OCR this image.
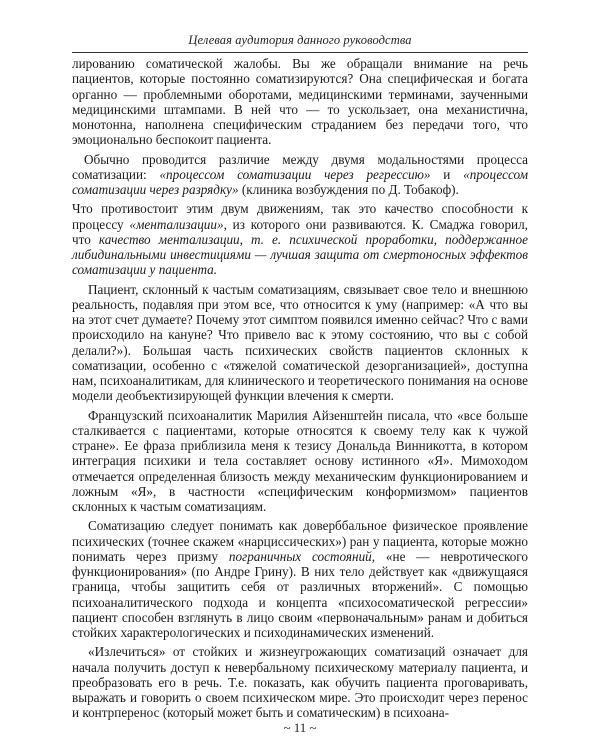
Целевая аудитория данного руководства

лированию соматической жалобы. Вы же обращали внимание на речь пациентов, которые постоянно соматизируются? Она специфическая и богата органно — проблемными оборотами, медицинскими терминами, заученными медицинскими штампами. В ней что — то ускользает, она механистична, монотонна, наполнена специфическим страданием без передачи того, что эмоционально беспокоит пациента.

Обычно проводится различие между двумя модальностями процесса соматизации: «процессом соматизации через регрессию» и «процессом соматизации через разрядку» (клиника возбуждения по Д. Тобакоф).

Что противостоит этим двум движениям, так это качество способности к процессу «ментализации», из которого они развиваются. К. Смаджа говорил, что качество ментализации, т. е. психической проработки, поддержанное либидинальными инвестициями — лучшая защита от смертоносных эффектов соматизации у пациента.

Пациент, склонный к частым соматизациям, связывает свое тело и внешнюю реальность, подавляя при этом все, что относится к уму (например: «А что вы на этот счет думаете? Почему этот симптом появился именно сейчас? Что с вами происходило на кануне? Что привело вас к этому состоянию, что вы с собой делали?»). Большая часть психических свойств пациентов склонных к соматизации, особенно с «тяжелой соматической дезорганизацией», доступна нам, психоаналитикам, для клинического и теоретического понимания на основе модели деобъектизирующей функции влечения к смерти.

Французский психоаналитик Марилия Айзенштейн писала, что «все больше сталкивается с пациентами, которые относятся к своему телу как к чужой стране». Ее фраза приблизила меня к тезису Дональда Винникотта, в котором интеграция психики и тела составляет основу истинного «Я». Мимоходом отмечается определенная близость между механическим функционированием и ложным «Я», в частности «специфическим конформизмом» пациентов склонных к частым соматизациям.

Соматизацию следует понимать как доверббальное физическое проявление психических (точнее скажем «нарциссических») ран у пациента, которые можно понимать через призму пограничных состояний, «не — невротического функционирования» (по Андре Грину). В них тело действует как «движущаяся граница, чтобы защитить себя от различных вторжений». С помощью психоаналитического подхода и концепта «психосоматической регрессии» пациент способен взглянуть в лицо своим «первоначальным» ранам и добиться стойких характерологических и психодинамических изменений.

«Излечиться» от стойких и жизнеугрожающих соматизаций означает для начала получить доступ к невербальному психическому материалу пациента, и преобразовать его в речь. Т.е. показать, как обучить пациента проговаривать, выражать и говорить о своем психическом мире. Это происходит через перенос и контрперенос (который может быть и соматическим) в психоана-

~ 11 ~
